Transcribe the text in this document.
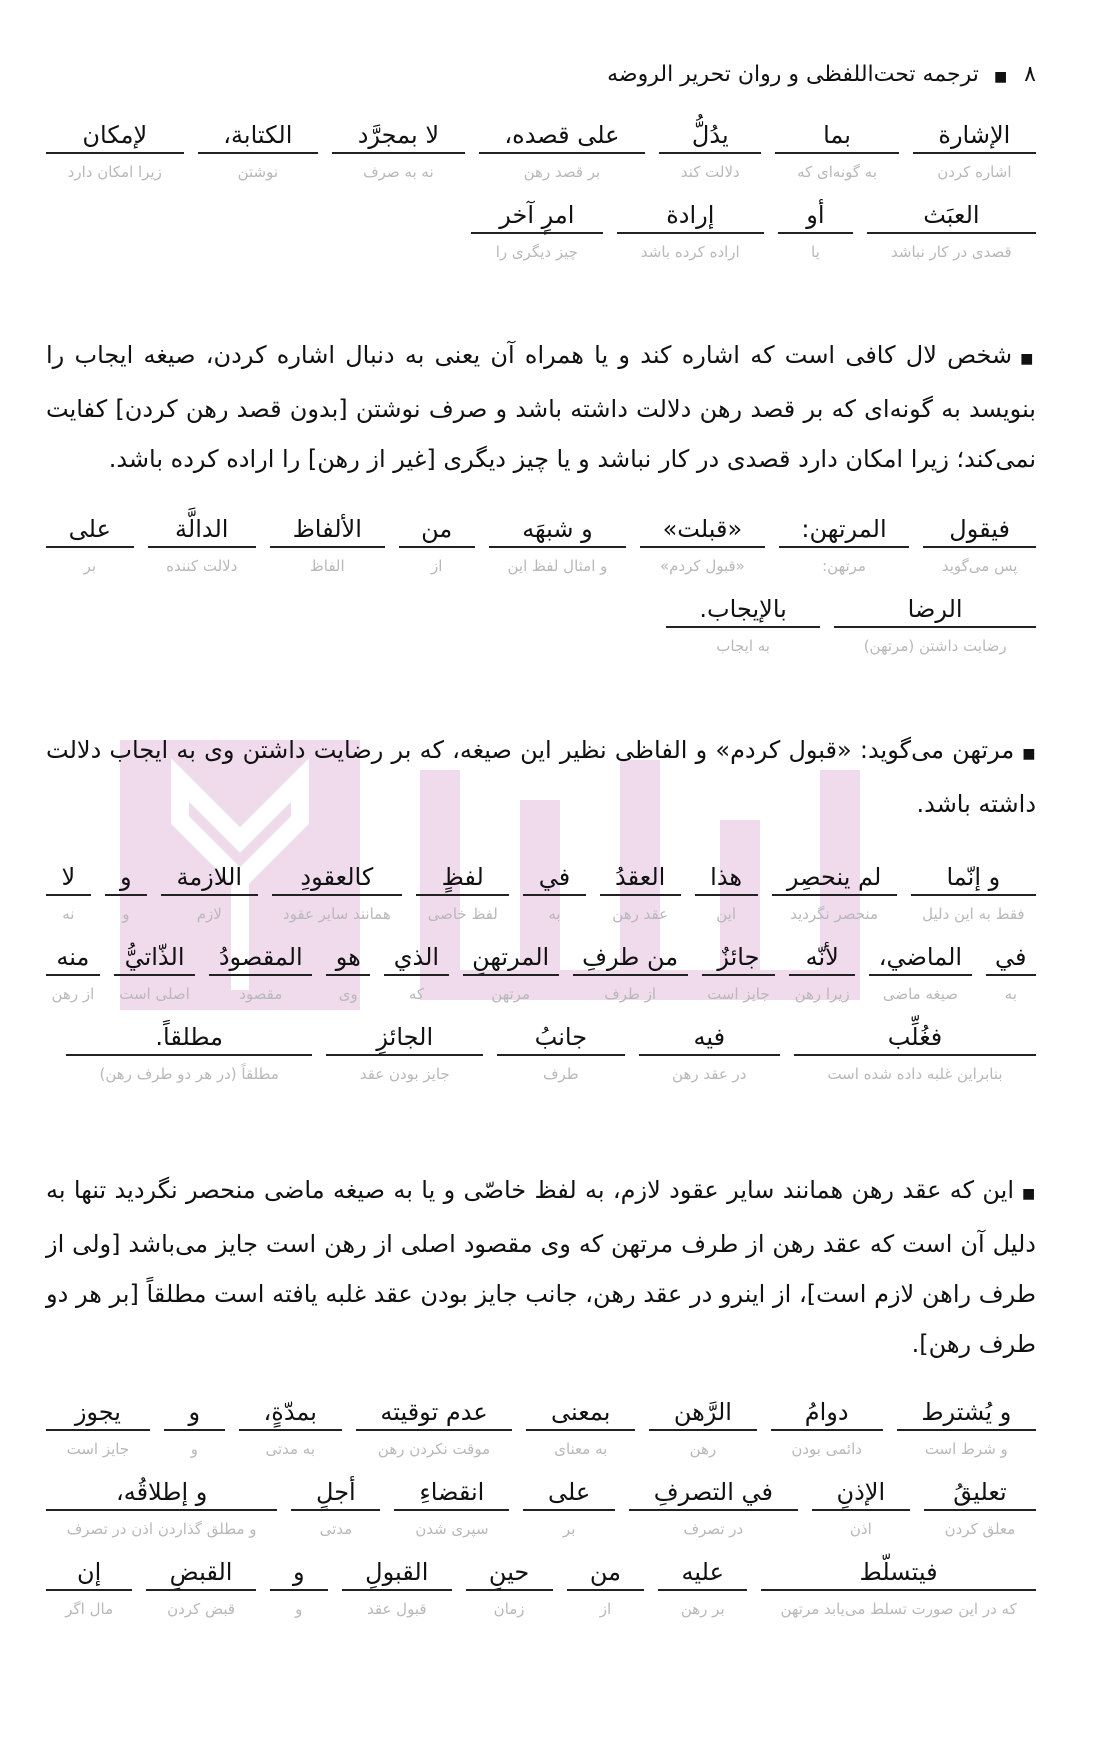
۸ ■ ترجمه تحت‌اللفظی و روان تحریر الروضه
الإشارة
اشاره کردن
بما
به گونه‌ای که
يدُلُّ
دلالت کند
على قصده،
بر قصد رهن
لا بمجرَّد
نه به صرف
الكتابة،
نوشتن
لإمكان
زیرا امکان دارد
العبَث
قصدی در کار نباشد
أو
یا
إرادة
اراده کرده باشد
امرٍ آخر
چیز دیگری را
■شخص لال کافی است که اشاره کند و یا همراه آن یعنی به دنبال اشاره کردن، صیغه ایجاب را بنویسد به گونه‌ای که بر قصد رهن دلالت داشته باشد و صرف نوشتن [بدون قصد رهن کردن] کفایت نمی‌کند؛ زیرا امکان دارد قصدی در کار نباشد و یا چیز دیگری [غیر از رهن] را اراده کرده باشد.
فيقول
پس می‌گوید
المرتهن:
مرتهن:
«قبلت»
«قبول کردم»
و شبهَه
و امثال لفظ این
من
از
الألفاظ
الفاظ
الدالَّة
دلالت کننده
على
بر
الرضا
رضایت داشتن (مرتهن)
بالإيجاب.
به ایجاب
■مرتهن می‌گوید: «قبول کردم» و الفاظی نظیر این صیغه، که بر رضایت داشتن وی به ایجاب دلالت داشته باشد.
و إنّما
فقط به این دلیل
لم ينحصِر
منحصر نگردید
هذا
این
العقدُ
عقد رهن
في
به
لفظٍ
لفظ خاصی
كالعقودِ
همانند سایر عقود
اللازمة
لازم
و
و
لا
نه
في
به
الماضي،
صیغه ماضی
لأنّه
زیرا رهن
جائزٌ
جایز است
من طرفِ
از طرف
المرتهنِ
مرتهن
الذي
که
هو
وی
المقصودُ
مقصود
الذّاتيُّ
اصلی است
منه
از رهن
فغُلِّب
بنابراین غلبه داده شده است
فيه
در عقد رهن
جانبُ
طرف
الجائزِ
جایز بودن عقد
مطلقاً.
مطلقاً (در هر دو طرف رهن)
■این که عقد رهن همانند سایر عقود لازم، به لفظ خاصّی و یا به صیغه ماضی منحصر نگردید تنها به دلیل آن است که عقد رهن از طرف مرتهن که وی مقصود اصلی از رهن است جایز می‌باشد [ولی از طرف راهن لازم است]، از اینرو در عقد رهن، جانب جایز بودن عقد غلبه یافته است مطلقاً [بر هر دو طرف رهن].
و يُشترط
و شرط است
دوامُ
دائمی بودن
الرَّهن
رهن
بمعنى
به معنای
عدم توقيته
موقت نکردن رهن
بمدّةٍ،
به مدتی
و
و
يجوز
جایز است
تعليقُ
معلق کردن
الإذنِ
اذن
في التصرفِ
در تصرف
على
بر
انقضاءِ
سپری شدن
أجلٍ
مدتی
و إطلاقُه،
و مطلق گذاردن اذن در تصرف
فيتسلّط
که در این صورت تسلط می‌یابد مرتهن
عليه
بر رهن
من
از
حينِ
زمان
القبولِ
قبول عقد
و
و
القبضِ
قبض کردن
إن
مال اگر
